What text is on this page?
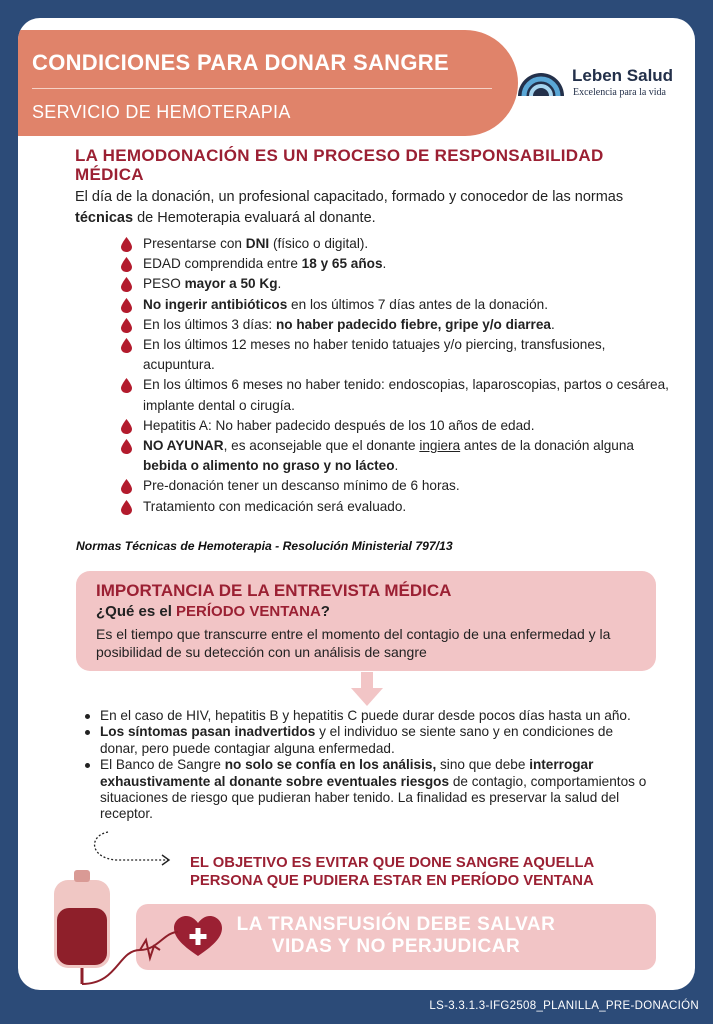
CONDICIONES PARA DONAR SANGRE
SERVICIO DE HEMOTERAPIA
Leben Salud
Excelencia para la vida
LA HEMODONACIÓN ES UN PROCESO DE RESPONSABILIDAD MÉDICA
El día de la donación, un profesional capacitado, formado y conocedor de las normas técnicas de Hemoterapia evaluará al donante.
Presentarse con DNI (físico o digital).
EDAD comprendida entre 18 y 65 años.
PESO mayor a 50 Kg.
No ingerir antibióticos en los últimos 7 días antes de la donación.
En los últimos 3 días: no haber padecido fiebre, gripe y/o diarrea.
En los últimos 12 meses no haber tenido tatuajes y/o piercing, transfusiones, acupuntura.
En los últimos 6 meses no haber tenido: endoscopias, laparoscopias, partos o cesárea, implante dental o cirugía.
Hepatitis A: No haber padecido después de los 10 años de edad.
NO AYUNAR, es aconsejable que el donante ingiera antes de la donación alguna bebida o alimento no graso y no lácteo.
Pre-donación tener un descanso mínimo de 6 horas.
Tratamiento con medicación será evaluado.
Normas Técnicas de Hemoterapia - Resolución Ministerial 797/13
IMPORTANCIA DE LA ENTREVISTA MÉDICA
¿Qué es el PERÍODO VENTANA?
Es el tiempo que transcurre entre el momento del contagio de una enfermedad y la posibilidad de su detección con un análisis de sangre
En el caso de HIV, hepatitis B y hepatitis C puede durar desde pocos días hasta un año.
Los síntomas pasan inadvertidos y el individuo se siente sano y en condiciones de donar, pero puede contagiar alguna enfermedad.
El Banco de Sangre no solo se confía en los análisis, sino que debe interrogar exhaustivamente al donante sobre eventuales riesgos de contagio, comportamientos o situaciones de riesgo que pudieran haber tenido. La finalidad es preservar la salud del receptor.
EL OBJETIVO ES EVITAR QUE DONE SANGRE AQUELLA PERSONA QUE PUDIERA ESTAR EN PERÍODO VENTANA
LA TRANSFUSIÓN DEBE SALVAR
VIDAS Y NO PERJUDICAR
LS-3.3.1.3-IFG2508_PLANILLA_PRE-DONACIÓN
